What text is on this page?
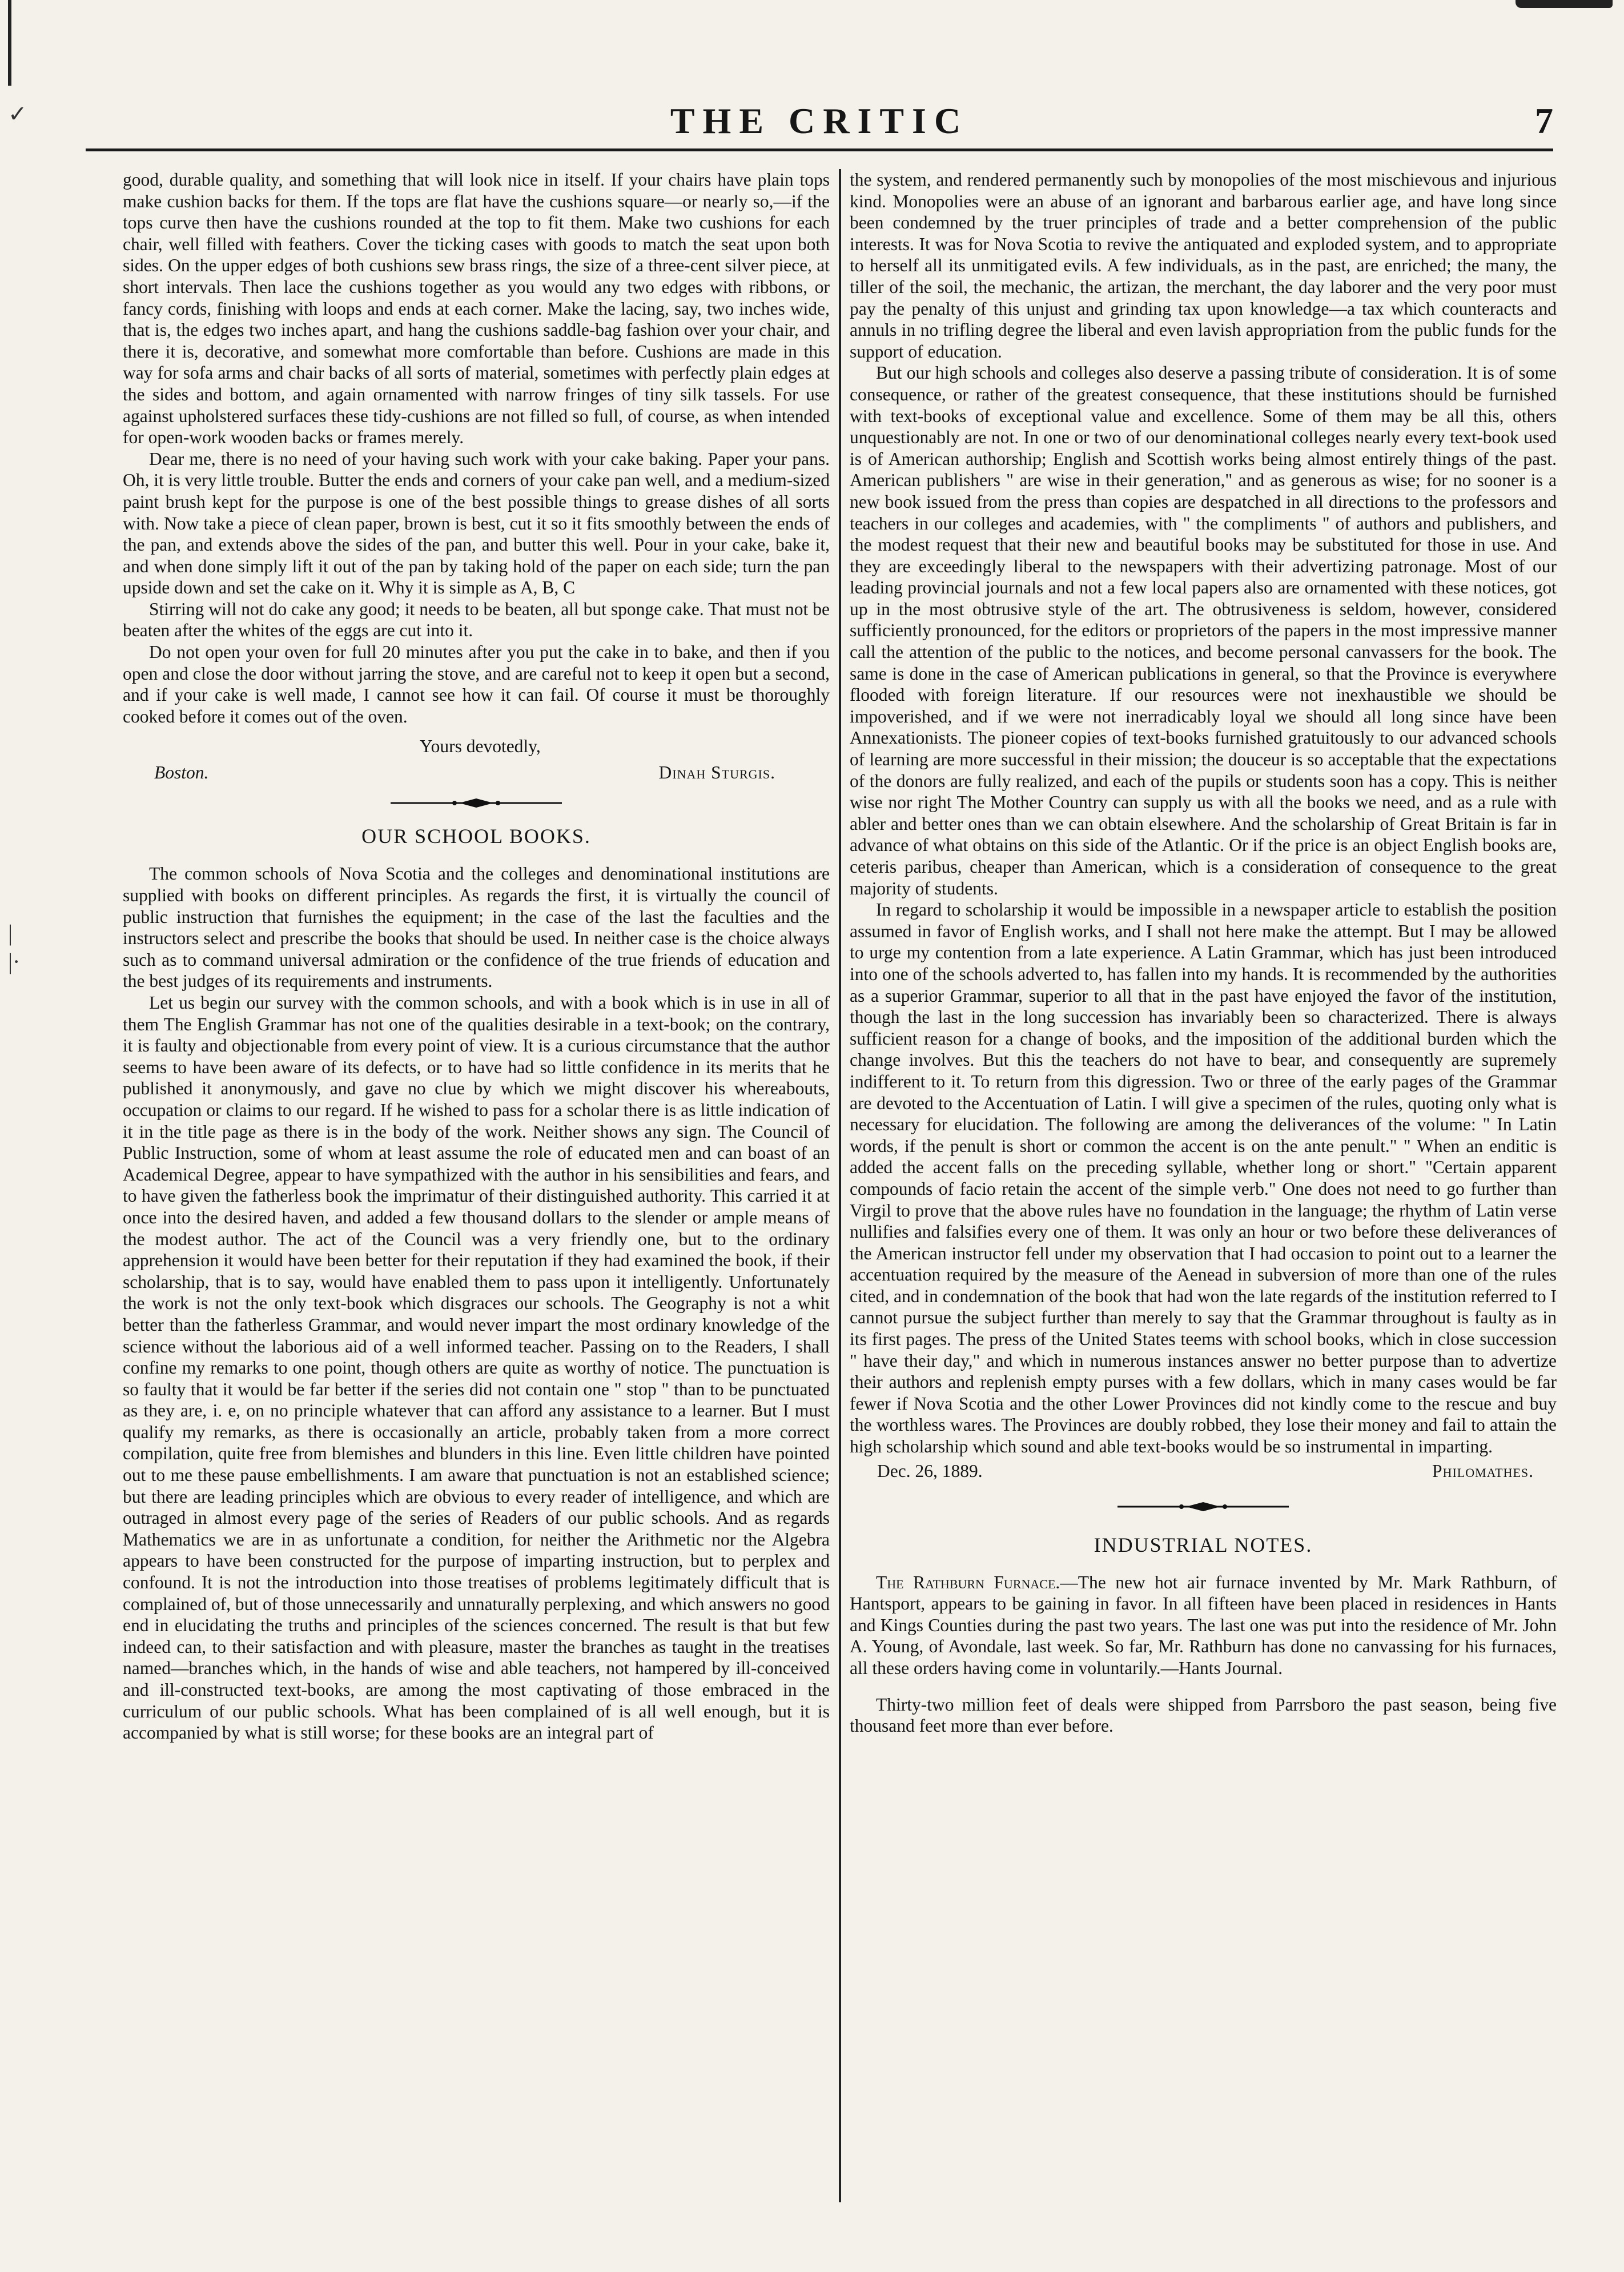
✓
|
|·
THE CRITIC	7

good, durable quality, and something that will look nice in itself. If your chairs have plain tops make cushion backs for them. If the tops are flat have the cushions square—or nearly so,—if the tops curve then have the cushions rounded at the top to fit them. Make two cushions for each chair, well filled with feathers. Cover the ticking cases with goods to match the seat upon both sides. On the upper edges of both cushions sew brass rings, the size of a three-cent silver piece, at short intervals. Then lace the cushions together as you would any two edges with ribbons, or fancy cords, finishing with loops and ends at each corner. Make the lacing, say, two inches wide, that is, the edges two inches apart, and hang the cushions saddle-bag fashion over your chair, and there it is, decorative, and somewhat more comfortable than before. Cushions are made in this way for sofa arms and chair backs of all sorts of material, sometimes with perfectly plain edges at the sides and bottom, and again ornamented with narrow fringes of tiny silk tassels. For use against upholstered surfaces these tidy-cushions are not filled so full, of course, as when intended for open-work wooden backs or frames merely.

Dear me, there is no need of your having such work with your cake baking. Paper your pans. Oh, it is very little trouble. Butter the ends and corners of your cake pan well, and a medium-sized paint brush kept for the purpose is one of the best possible things to grease dishes of all sorts with. Now take a piece of clean paper, brown is best, cut it so it fits smoothly between the ends of the pan, and extends above the sides of the pan, and butter this well. Pour in your cake, bake it, and when done simply lift it out of the pan by taking hold of the paper on each side; turn the pan upside down and set the cake on it. Why it is simple as A, B, C

Stirring will not do cake any good; it needs to be beaten, all but sponge cake. That must not be beaten after the whites of the eggs are cut into it.

Do not open your oven for full 20 minutes after you put the cake in to bake, and then if you open and close the door without jarring the stove, and are careful not to keep it open but a second, and if your cake is well made, I cannot see how it can fail. Of course it must be thoroughly cooked before it comes out of the oven.

Yours devotedly,
Boston.	Dinah Sturgis.
OUR SCHOOL BOOKS.

The common schools of Nova Scotia and the colleges and denominational institutions are supplied with books on different principles. As regards the first, it is virtually the council of public instruction that furnishes the equipment; in the case of the last the faculties and the instructors select and prescribe the books that should be used. In neither case is the choice always such as to command universal admiration or the confidence of the true friends of education and the best judges of its requirements and instruments.

Let us begin our survey with the common schools, and with a book which is in use in all of them The English Grammar has not one of the qualities desirable in a text-book; on the contrary, it is faulty and objectionable from every point of view. It is a curious circumstance that the author seems to have been aware of its defects, or to have had so little confidence in its merits that he published it anonymously, and gave no clue by which we might discover his whereabouts, occupation or claims to our regard. If he wished to pass for a scholar there is as little indication of it in the title page as there is in the body of the work. Neither shows any sign. The Council of Public Instruction, some of whom at least assume the role of educated men and can boast of an Academical Degree, appear to have sympathized with the author in his sensibilities and fears, and to have given the fatherless book the imprimatur of their distinguished authority. This carried it at once into the desired haven, and added a few thousand dollars to the slender or ample means of the modest author. The act of the Council was a very friendly one, but to the ordinary apprehension it would have been better for their reputation if they had examined the book, if their scholarship, that is to say, would have enabled them to pass upon it intelligently. Unfortunately the work is not the only text-book which disgraces our schools. The Geography is not a whit better than the fatherless Grammar, and would never impart the most ordinary knowledge of the science without the laborious aid of a well informed teacher. Passing on to the Readers, I shall confine my remarks to one point, though others are quite as worthy of notice. The punctuation is so faulty that it would be far better if the series did not contain one " stop " than to be punctuated as they are, i. e, on no principle whatever that can afford any assistance to a learner. But I must qualify my remarks, as there is occasionally an article, probably taken from a more correct compilation, quite free from blemishes and blunders in this line. Even little children have pointed out to me these pause embellishments. I am aware that punctuation is not an established science; but there are leading principles which are obvious to every reader of intelligence, and which are outraged in almost every page of the series of Readers of our public schools. And as regards Mathematics we are in as unfortunate a condition, for neither the Arithmetic nor the Algebra appears to have been constructed for the purpose of imparting instruction, but to perplex and confound. It is not the introduction into those treatises of problems legitimately difficult that is complained of, but of those unnecessarily and unnaturally perplexing, and which answers no good end in elucidating the truths and principles of the sciences concerned. The result is that but few indeed can, to their satisfaction and with pleasure, master the branches as taught in the treatises named—branches which, in the hands of wise and able teachers, not hampered by ill-conceived and ill-constructed text-books, are among the most captivating of those embraced in the curriculum of our public schools. What has been complained of is all well enough, but it is accompanied by what is still worse; for these books are an integral part of

the system, and rendered permanently such by monopolies of the most mischievous and injurious kind. Monopolies were an abuse of an ignorant and barbarous earlier age, and have long since been condemned by the truer principles of trade and a better comprehension of the public interests. It was for Nova Scotia to revive the antiquated and exploded system, and to appropriate to herself all its unmitigated evils. A few individuals, as in the past, are enriched; the many, the tiller of the soil, the mechanic, the artizan, the merchant, the day laborer and the very poor must pay the penalty of this unjust and grinding tax upon knowledge—a tax which counteracts and annuls in no trifling degree the liberal and even lavish appropriation from the public funds for the support of education.

But our high schools and colleges also deserve a passing tribute of consideration. It is of some consequence, or rather of the greatest consequence, that these institutions should be furnished with text-books of exceptional value and excellence. Some of them may be all this, others unquestionably are not. In one or two of our denominational colleges nearly every text-book used is of American authorship; English and Scottish works being almost entirely things of the past. American publishers " are wise in their generation," and as generous as wise; for no sooner is a new book issued from the press than copies are despatched in all directions to the professors and teachers in our colleges and academies, with " the compliments " of authors and publishers, and the modest request that their new and beautiful books may be substituted for those in use. And they are exceedingly liberal to the newspapers with their advertizing patronage. Most of our leading provincial journals and not a few local papers also are ornamented with these notices, got up in the most obtrusive style of the art. The obtrusiveness is seldom, however, considered sufficiently pronounced, for the editors or proprietors of the papers in the most impressive manner call the attention of the public to the notices, and become personal canvassers for the book. The same is done in the case of American publications in general, so that the Province is everywhere flooded with foreign literature. If our resources were not inexhaustible we should be impoverished, and if we were not inerradicably loyal we should all long since have been Annexationists. The pioneer copies of text-books furnished gratuitously to our advanced schools of learning are more successful in their mission; the douceur is so acceptable that the expectations of the donors are fully realized, and each of the pupils or students soon has a copy. This is neither wise nor right The Mother Country can supply us with all the books we need, and as a rule with abler and better ones than we can obtain elsewhere. And the scholarship of Great Britain is far in advance of what obtains on this side of the Atlantic. Or if the price is an object English books are, ceteris paribus, cheaper than American, which is a consideration of consequence to the great majority of students.

In regard to scholarship it would be impossible in a newspaper article to establish the position assumed in favor of English works, and I shall not here make the attempt. But I may be allowed to urge my contention from a late experience. A Latin Grammar, which has just been introduced into one of the schools adverted to, has fallen into my hands. It is recommended by the authorities as a superior Grammar, superior to all that in the past have enjoyed the favor of the institution, though the last in the long succession has invariably been so characterized. There is always sufficient reason for a change of books, and the imposition of the additional burden which the change involves. But this the teachers do not have to bear, and consequently are supremely indifferent to it. To return from this digression. Two or three of the early pages of the Grammar are devoted to the Accentuation of Latin. I will give a specimen of the rules, quoting only what is necessary for elucidation. The following are among the deliverances of the volume: " In Latin words, if the penult is short or common the accent is on the ante penult." " When an enditic is added the accent falls on the preceding syllable, whether long or short." "Certain apparent compounds of facio retain the accent of the simple verb." One does not need to go further than Virgil to prove that the above rules have no foundation in the language; the rhythm of Latin verse nullifies and falsifies every one of them. It was only an hour or two before these deliverances of the American instructor fell under my observation that I had occasion to point out to a learner the accentuation required by the measure of the Aenead in subversion of more than one of the rules cited, and in condemnation of the book that had won the late regards of the institution referred to I cannot pursue the subject further than merely to say that the Grammar throughout is faulty as in its first pages. The press of the United States teems with school books, which in close succession " have their day," and which in numerous instances answer no better purpose than to advertize their authors and replenish empty purses with a few dollars, which in many cases would be far fewer if Nova Scotia and the other Lower Provinces did not kindly come to the rescue and buy the worthless wares. The Provinces are doubly robbed, they lose their money and fail to attain the high scholarship which sound and able text-books would be so instrumental in imparting.

Dec. 26, 1889.	Philomathes.
INDUSTRIAL NOTES.

The Rathburn Furnace.—The new hot air furnace invented by Mr. Mark Rathburn, of Hantsport, appears to be gaining in favor. In all fifteen have been placed in residences in Hants and Kings Counties during the past two years. The last one was put into the residence of Mr. John A. Young, of Avondale, last week. So far, Mr. Rathburn has done no canvassing for his furnaces, all these orders having come in voluntarily.—Hants Journal.

Thirty-two million feet of deals were shipped from Parrsboro the past season, being five thousand feet more than ever before.
